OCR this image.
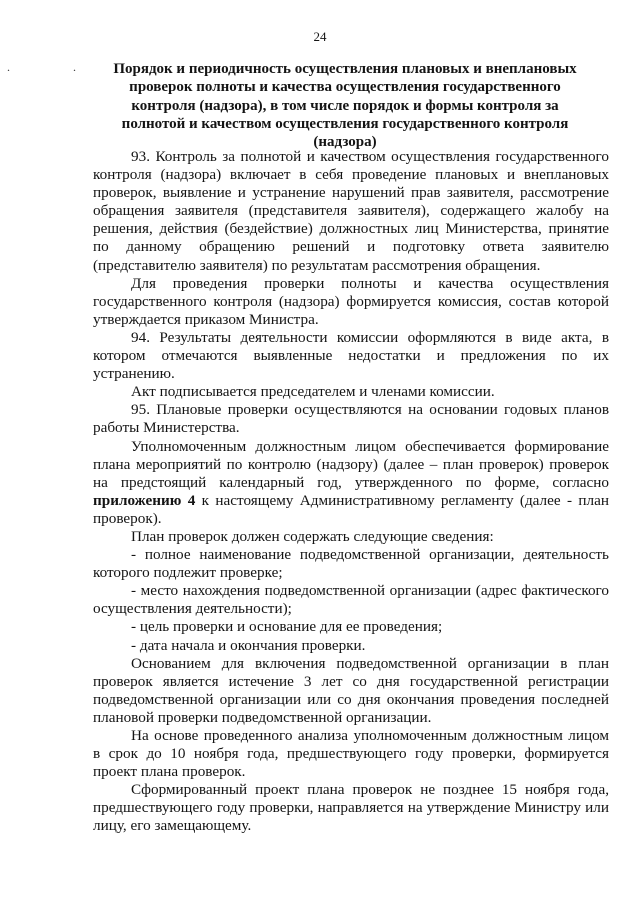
24
. . Порядок и периодичность осуществления плановых и внеплановых проверок полноты и качества осуществления государственного контроля (надзора), в том числе порядок и формы контроля за полнотой и качеством осуществления государственного контроля (надзора)

93. Контроль за полнотой и качеством осуществления государственного контроля (надзора) включает в себя проведение плановых и внеплановых проверок, выявление и устранение нарушений прав заявителя, рассмотрение обращения заявителя (представителя заявителя), содержащего жалобу на решения, действия (бездействие) должностных лиц Министерства, принятие по данному обращению решений и подготовку ответа заявителю (представителю заявителя) по результатам рассмотрения обращения.

Для проведения проверки полноты и качества осуществления государственного контроля (надзора) формируется комиссия, состав которой утверждается приказом Министра.

94. Результаты деятельности комиссии оформляются в виде акта, в котором отмечаются выявленные недостатки и предложения по их устранению.

Акт подписывается председателем и членами комиссии.

95. Плановые проверки осуществляются на основании годовых планов работы Министерства.

Уполномоченным должностным лицом обеспечивается формирование плана мероприятий по контролю (надзору) (далее – план проверок) проверок на предстоящий календарный год, утвержденного по форме, согласно приложению 4 к настоящему Административному регламенту (далее - план проверок).

План проверок должен содержать следующие сведения:

- полное наименование подведомственной организации, деятельность которого подлежит проверке;

- место нахождения подведомственной организации (адрес фактического осуществления деятельности);

- цель проверки и основание для ее проведения;

- дата начала и окончания проверки.

Основанием для включения подведомственной организации в план проверок является истечение 3 лет со дня государственной регистрации подведомственной организации или со дня окончания проведения последней плановой проверки подведомственной организации.

На основе проведенного анализа уполномоченным должностным лицом в срок до 10 ноября года, предшествующего году проверки, формируется проект плана проверок.

Сформированный проект плана проверок не позднее 15 ноября года, предшествующего году проверки, направляется на утверждение Министру или лицу, его замещающему.
